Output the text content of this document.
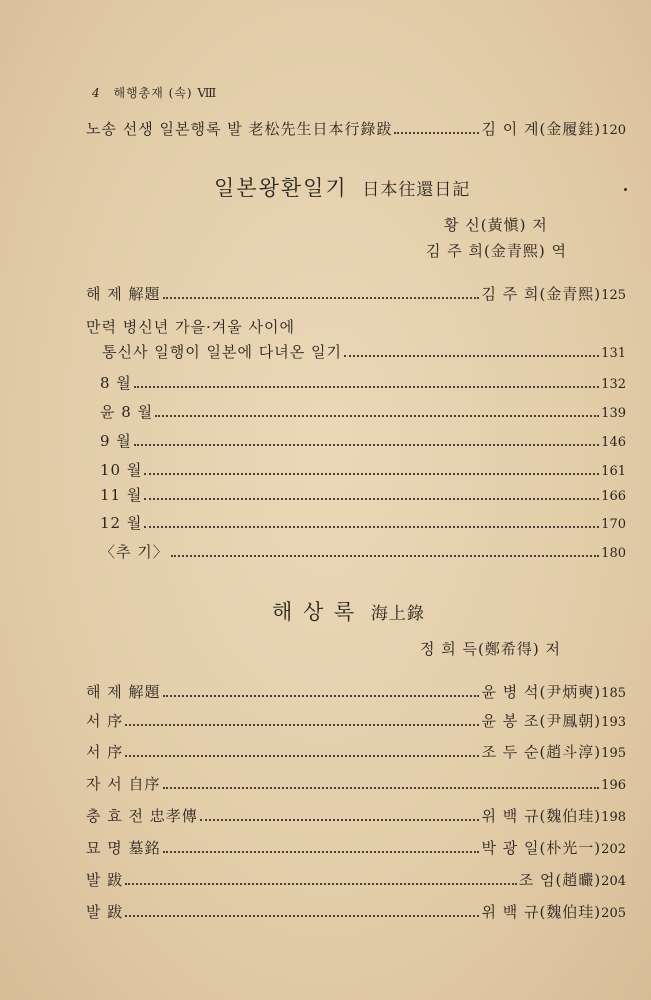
4 해행총재 (속) Ⅷ
노송 선생 일본행록 발 老松先生日本行錄跋	김 이 계(金履銈) 120
일본왕환일기 日本往還日記
황 신(黃愼) 저
김 주 희(金青熙) 역
해 제 解題	김 주 희(金青熙) 125
만력 병신년 가을·겨울 사이에
통신사 일행이 일본에 다녀온 일기	131
8 월	132
윤 8 월	139
9 월	146
10 월	161
11 월	166
12 월	170
〈추 기〉	180
해 상 록 海上錄
정 희 득(鄭希得) 저
해 제 解題	윤 병 석(尹炳奭) 185
서 序	윤 봉 조(尹鳳朝) 193
서 序	조 두 순(趙斗淳) 195
자 서 自序	196
충 효 전 忠孝傳	위 백 규(魏伯珪) 198
묘 명 墓銘	박 광 일(朴光一) 202
발 跋	조 엄(趙曮) 204
발 跋	위 백 규(魏伯珪) 205
